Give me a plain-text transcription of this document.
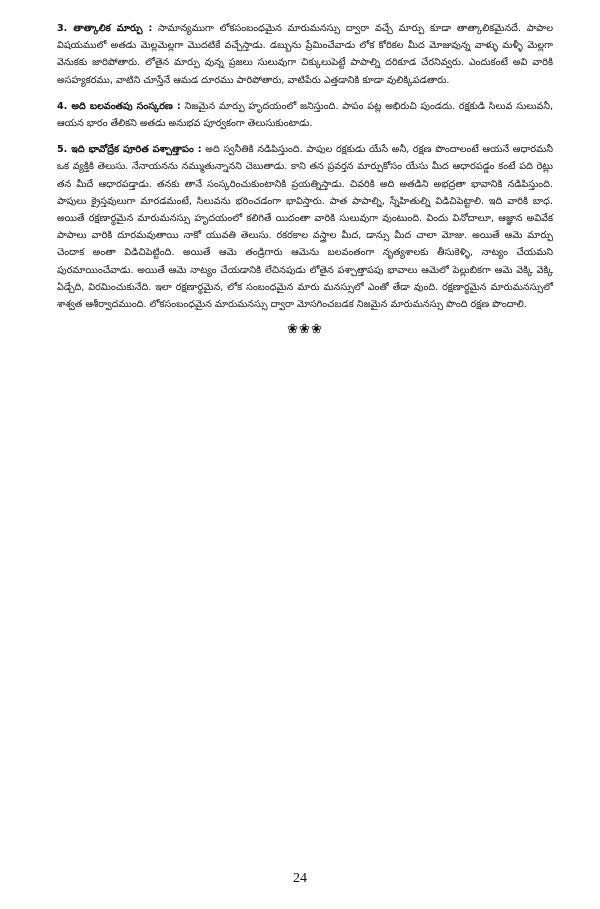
3. తాత్కాలిక మార్పు : సామాన్యముగా లోకసంబంధమైన మారుమనస్సు ద్వారా వచ్చే మార్పు కూడా తాత్కాలికమైనదే. పాపాల విషయములో అతడు మెల్లమెల్లగా మొదటికే వచ్చేస్తాడు. డబ్బును ప్రేమించేవాడు లోక కోరికల మీద మోజువున్న వాళ్ళు మళ్ళీ మెల్లగా వెనుకకు జారిపోతారు. లోతైన మార్పు వున్న ప్రజలు సులువుగా చిక్కులుపెట్టే పాపాల్ని దరికూడ చేరనివ్వరు. ఎందుకంటే అవి వారికి అసహ్యకరము, వాటిని చూస్తేనే ఆమడ దూరము పారిపోతారు, వాటిపేరు ఎత్తడానికి కూడా వులిక్కిపడతారు.

4. అది బలవంతపు సంస్కరణ : నిజమైన మార్పు హృదయంలో జనిస్తుంది. పాపం పట్ల అభిరుచి పుండదు. రక్షకుడి సిలువ సులువనీ, ఆయన భారం తేలికని అతడు అనుభవ పూర్వకంగా తెలుసుకుంటాడు.

5. ఇది భావోద్రేక పూరిత పశ్చాత్తాపం : అది స్వనీతికి నడిపిస్తుంది. పాపుల రక్షకుడు యేసే అనీ, రక్షణ పొందాలంటే ఆయనే ఆధారమనీ ఒక వ్యక్తికి తెలుసు. నేనాయనను నమ్ముతున్నానని చెబుతాడు. కాని తన ప్రవర్తన మార్పుకోసం యేసు మీద ఆధారపడ్డం కంటే పది రెట్లు తన మీదే ఆధారపడ్తాడు. తనకు తానే సంస్కరించుకుంటానికి ప్రయత్నిస్తాడు. చివరికి అది అతడిని అభద్రతా భావానికి నడిపిస్తుంది. పాపులు క్రైస్తవులుగా మారడమంటే, సిలువను భరించడంగా భావిస్తారు. పాత పాపాల్ని, స్నేహితుల్ని విడిచిపెట్టాలి. ఇది వారికి బాధ. అయితే రక్షణార్థమైన మారుమనస్సు హృదయంలో కలిగితే యిదంతా వారికి సులువుగా వుంటుంది. విందు వినోదాలూ, ఆజ్ఞాన అవివేక పాపాలు వారికి దూరమవుతాయి నాకో యువతి తెలుసు. రకరకాల వస్త్రాల మీద, డాన్సు మీద చాలా మోజు. అయితే ఆమె మార్పు చెందాక అంతా విడిచిపెట్టింది. అయితే ఆమె తండ్రిగారు ఆమెను బలవంతంగా నృత్యశాలకు తీసుకెళ్ళి, నాట్యం చేయమని పురమాయించేవాడు. అయితే ఆమె నాట్యం చేయడానికి లేచినపుడు లోతైన పశ్చాత్తాపపు భావాలు ఆమెలో పెల్లుబికగా ఆమె వెక్కి వెక్కి ఏడ్చేది, విరమించుకునేది. ఇలా రక్షణార్థమైన, లోక సంబంధమైన మారు మనస్సులో ఎంతో తేడా వుంది. రక్షణార్థమైన మారుమనస్సులో శాశ్వత ఆశీర్వాదముంది. లోకసంబంధమైన మారుమనస్సు ద్వారా మోసగించబడక నిజమైన మారుమనస్సు పొంది రక్షణ పొందాలి.

❀❀❀
24
